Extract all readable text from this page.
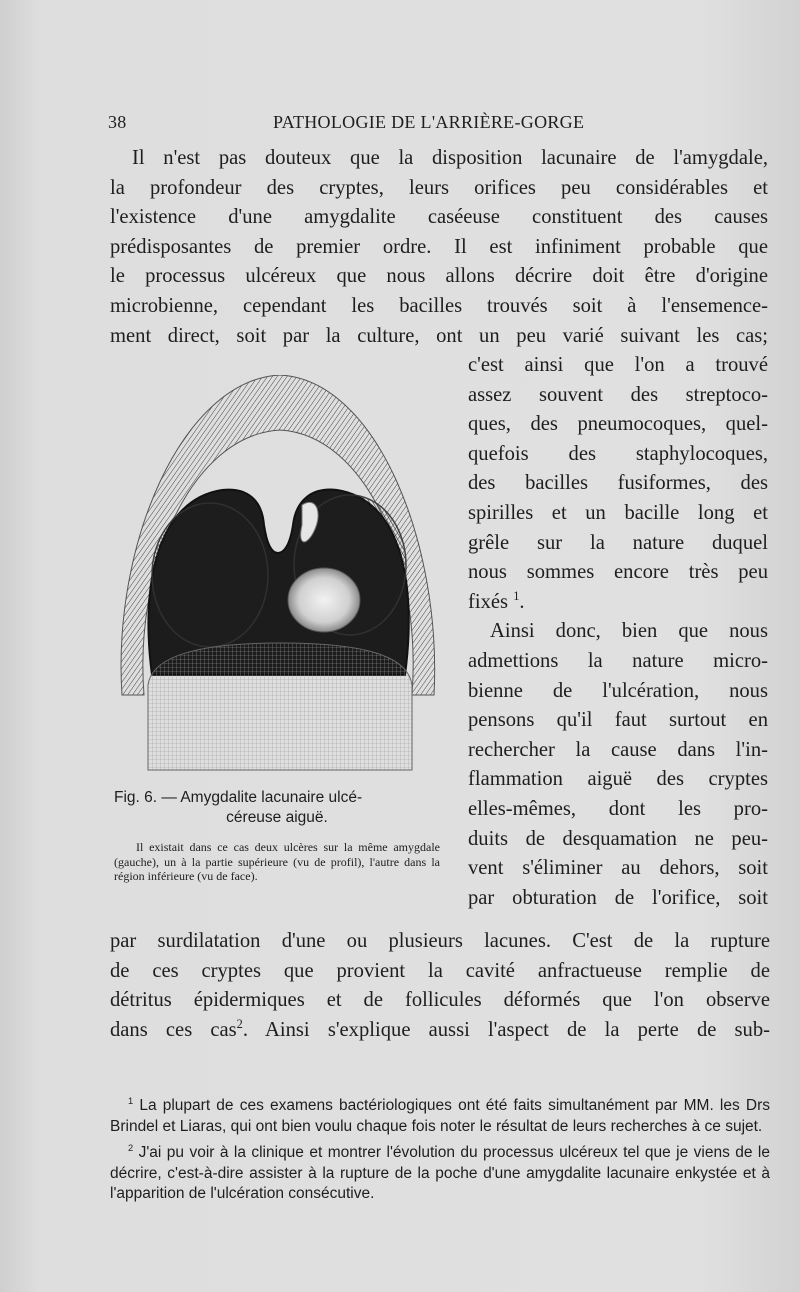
38	PATHOLOGIE DE L'ARRIÈRE-GORGE
Il n'est pas douteux que la disposition lacunaire de l'amygdale,
la profondeur des cryptes, leurs orifices peu considérables et
l'existence d'une amygdalite caséeuse constituent des causes
prédisposantes de premier ordre. Il est infiniment probable que
le processus ulcéreux que nous allons décrire doit être d'origine
microbienne, cependant les bacilles trouvés soit à l'ensemence-
ment direct, soit par la culture, ont un peu varié suivant les cas;
Fig. 6. — Amygdalite lacunaire ulcé-
céreuse aiguë.
Il existait dans ce cas deux ulcères sur la même amygdale (gauche), un à la partie supérieure (vu de profil), l'autre dans la région inférieure (vu de face).
c'est ainsi que l'on a trouvé
assez souvent des streptoco-
ques, des pneumocoques, quel-
quefois des staphylocoques,
des bacilles fusiformes, des
spirilles et un bacille long et
grêle sur la nature duquel
nous sommes encore très peu
fixés $^1$.
Ainsi donc, bien que nous
admettions la nature micro-
bienne de l'ulcération, nous
pensons qu'il faut surtout en
rechercher la cause dans l'in-
flammation aiguë des cryptes
elles-mêmes, dont les pro-
duits de desquamation ne peu-
vent s'éliminer au dehors, soit
par obturation de l'orifice, soit
par surdilatation d'une ou plusieurs lacunes. C'est de la rupture
de ces cryptes que provient la cavité anfractueuse remplie de
détritus épidermiques et de follicules déformés que l'on observe
dans ces cas$^2$. Ainsi s'explique aussi l'aspect de la perte de sub-

$^1$ La plupart de ces examens bactériologiques ont été faits simultanément par MM. les Drs Brindel et Liaras, qui ont bien voulu chaque fois noter le résultat de leurs recherches à ce sujet.

$^2$ J'ai pu voir à la clinique et montrer l'évolution du processus ulcéreux tel que je viens de le décrire, c'est-à-dire assister à la rupture de la poche d'une amygdalite lacunaire enkystée et à l'apparition de l'ulcération consécutive.
